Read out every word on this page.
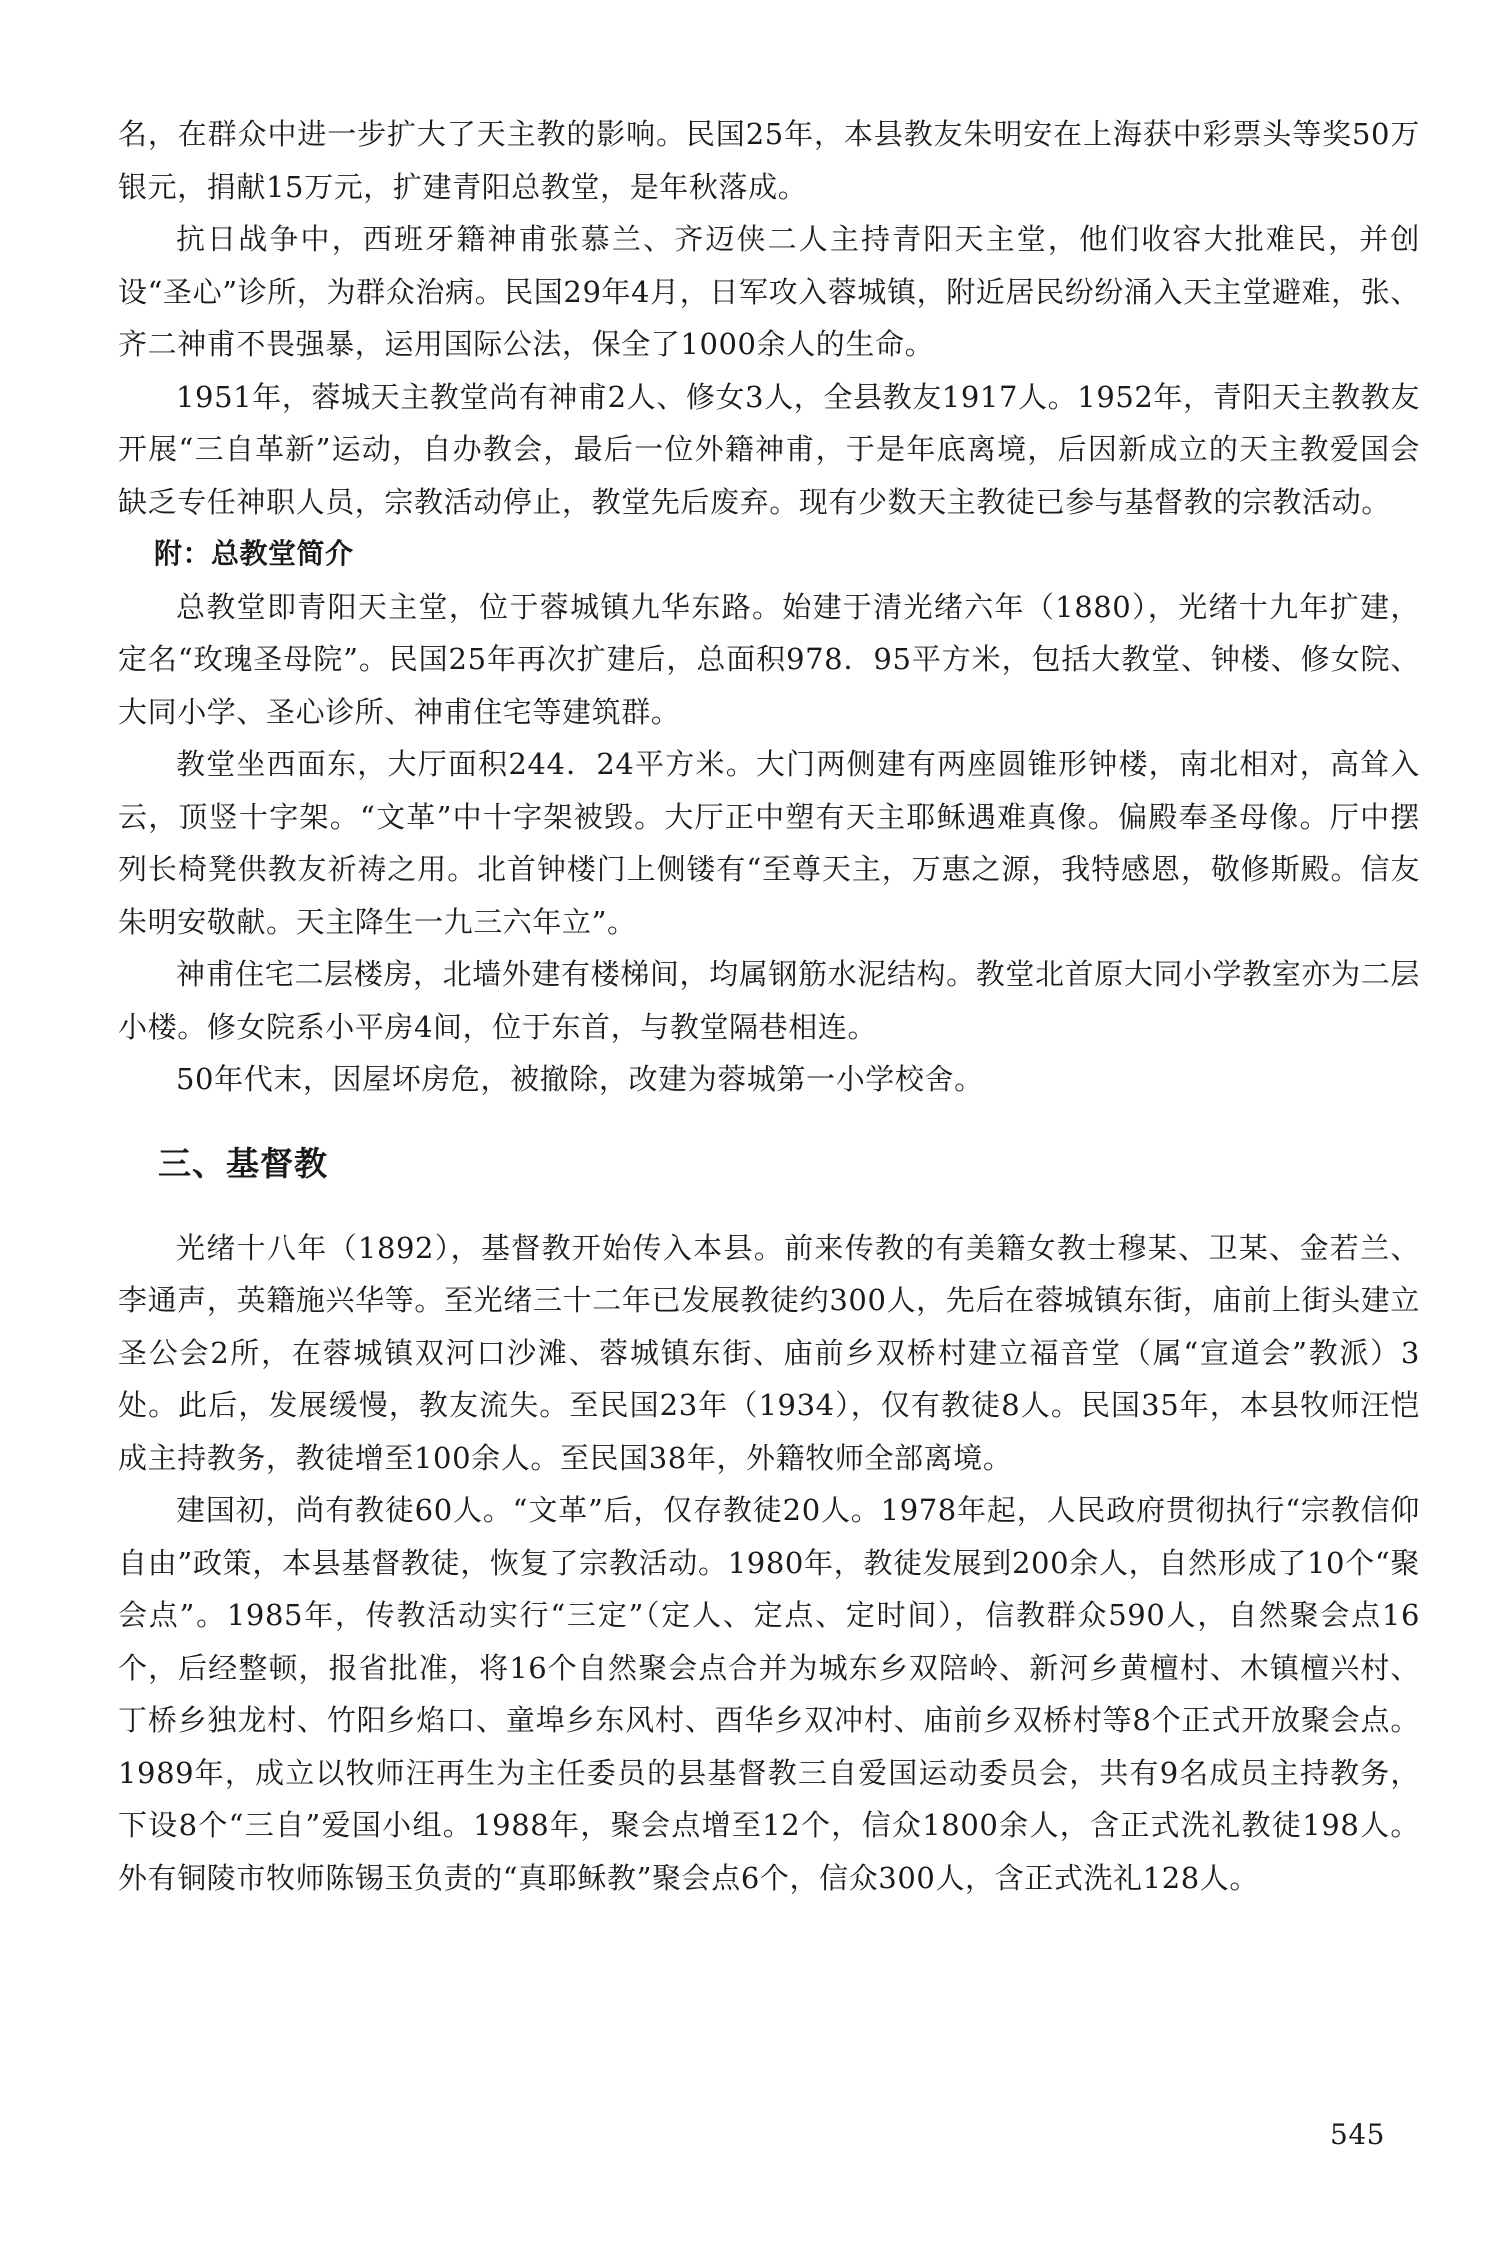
名，在群众中进一步扩大了天主教的影响。民国25年，本县教友朱明安在上海获中彩票头等奖50万银元，捐献15万元，扩建青阳总教堂，是年秋落成。

抗日战争中，西班牙籍神甫张慕兰、齐迈侠二人主持青阳天主堂，他们收容大批难民，并创设“圣心”诊所，为群众治病。民国29年4月，日军攻入蓉城镇，附近居民纷纷涌入天主堂避难，张、齐二神甫不畏强暴，运用国际公法，保全了1000余人的生命。

1951年，蓉城天主教堂尚有神甫2人、修女3人，全县教友1917人。1952年，青阳天主教教友开展“三自革新”运动，自办教会，最后一位外籍神甫，于是年底离境，后因新成立的天主教爱国会缺乏专任神职人员，宗教活动停止，教堂先后废弃。现有少数天主教徒已参与基督教的宗教活动。

附：总教堂简介

总教堂即青阳天主堂，位于蓉城镇九华东路。始建于清光绪六年（1880），光绪十九年扩建，定名“玫瑰圣母院”。民国25年再次扩建后，总面积978．95平方米，包括大教堂、钟楼、修女院、大同小学、圣心诊所、神甫住宅等建筑群。

教堂坐西面东，大厅面积244．24平方米。大门两侧建有两座圆锥形钟楼，南北相对，高耸入云，顶竖十字架。“文革”中十字架被毁。大厅正中塑有天主耶稣遇难真像。偏殿奉圣母像。厅中摆列长椅凳供教友祈祷之用。北首钟楼门上侧镂有“至尊天主，万惠之源，我特感恩，敬修斯殿。信友朱明安敬献。天主降生一九三六年立”。

神甫住宅二层楼房，北墙外建有楼梯间，均属钢筋水泥结构。教堂北首原大同小学教室亦为二层小楼。修女院系小平房4间，位于东首，与教堂隔巷相连。

50年代末，因屋坏房危，被撤除，改建为蓉城第一小学校舍。

三、基督教

光绪十八年（1892），基督教开始传入本县。前来传教的有美籍女教士穆某、卫某、金若兰、李通声，英籍施兴华等。至光绪三十二年已发展教徒约300人，先后在蓉城镇东街，庙前上街头建立圣公会2所，在蓉城镇双河口沙滩、蓉城镇东街、庙前乡双桥村建立福音堂（属“宣道会”教派）3处。此后，发展缓慢，教友流失。至民国23年（1934），仅有教徒8人。民国35年，本县牧师汪恺成主持教务，教徒增至100余人。至民国38年，外籍牧师全部离境。

建国初，尚有教徒60人。“文革”后，仅存教徒20人。1978年起，人民政府贯彻执行“宗教信仰自由”政策，本县基督教徒，恢复了宗教活动。1980年，教徒发展到200余人，自然形成了10个“聚会点”。1985年，传教活动实行“三定”（定人、定点、定时间），信教群众590人，自然聚会点16个，后经整顿，报省批准，将16个自然聚会点合并为城东乡双陪岭、新河乡黄檀村、木镇檀兴村、丁桥乡独龙村、竹阳乡焰口、童埠乡东风村、酉华乡双冲村、庙前乡双桥村等8个正式开放聚会点。1989年，成立以牧师汪再生为主任委员的县基督教三自爱国运动委员会，共有9名成员主持教务，下设8个“三自”爱国小组。1988年，聚会点增至12个，信众1800余人，含正式洗礼教徒198人。外有铜陵市牧师陈锡玉负责的“真耶稣教”聚会点6个，信众300人，含正式洗礼128人。

545
